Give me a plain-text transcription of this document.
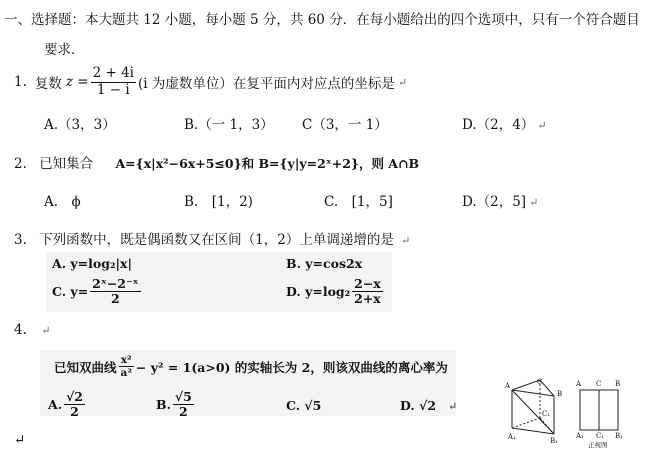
一、选择题：本大题共 12 小题，每小题 5 分，共 60 分．在每小题给出的四个选项中，只有一个符合题目
要求．
1. 复数 $z = \frac{2 + 4i}{1 - i} (i$ 为虚数单位）在复平面内对应点的坐标是 ↵
A.（3，3）	B.（一 1，3） C（3，一 1）	D.（2，4） ↵
2. 已知集合 A={x|x²−6x+5≤0}和 B={y|y=2ˣ+2}，则 A∩B
A.　ϕ	B.　[1，2)	C.　[1，5]	D.（2，5] ↵
3. 下列函数中，既是偶函数又在区间（1，2）上单调递增的是 ↵
A. y=log₂|x|	B. y=cos2x
C. $y= \frac{\text{2ˣ−2⁻ˣ}}{2}$	D. $y=\log_2 \frac{2-x}{2+x}$
4. ↵
已知双曲线 $\frac{\text{x²}}{\text{a²}} - y^2 = 1(a>0)$ 的实轴长为 2，则该双曲线的离心率为
A. $\frac{√2}{2}$	B. $\frac{√5}{2}$	C. √5	D. √2 ↵
↵
A
B
C
C₁
A₁	B₁
A C B
A₁ C₁ B₁
正视图
